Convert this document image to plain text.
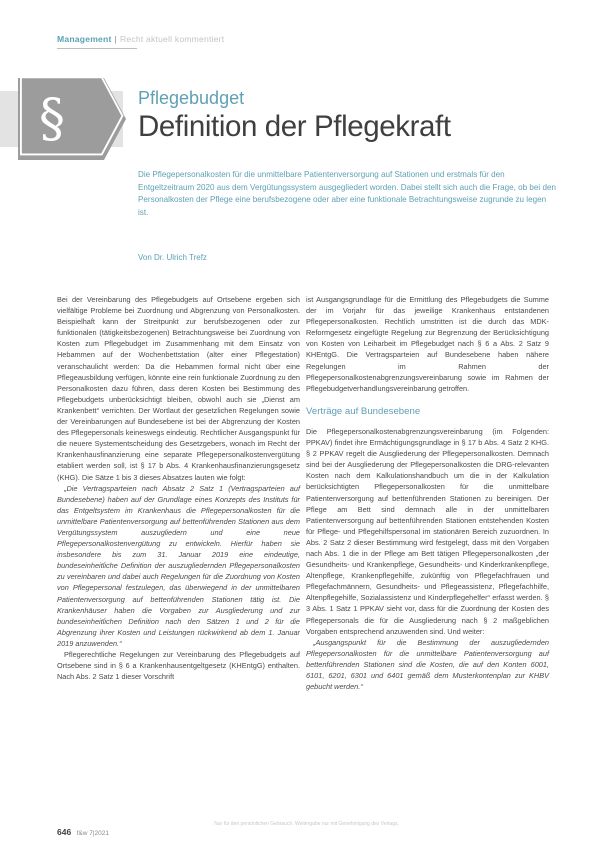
Management | Recht aktuell kommentiert
§	Pflegebudget
Definition der Pflegekraft

Die Pflegepersonalkosten für die unmittelbare Patientenversorgung auf Stationen und erstmals für den Entgeltzeitraum 2020 aus dem Vergütungssystem ausgegliedert worden. Dabei stellt sich auch die Frage, ob bei den Personalkosten der Pflege eine berufsbezogene oder aber eine funktionale Betrachtungsweise zugrunde zu legen ist.

Von Dr. Ulrich Trefz

Bei der Vereinbarung des Pflegebudgets auf Ortsebene ergeben sich vielfältige Probleme bei Zuordnung und Abgrenzung von Personalkosten. Beispielhaft kann der Streitpunkt zur berufsbezogenen oder zur funktionalen (tätigkeitsbezogenen) Betrachtungsweise bei Zuordnung von Kosten zum Pflegebudget im Zusammenhang mit dem Einsatz von Hebammen auf der Wochenbettstation (alter einer Pflegestation) veranschaulicht werden: Da die Hebammen formal nicht über eine Pflegeausbildung verfügen, könnte eine rein funktionale Zuordnung zu den Personalkosten dazu führen, dass deren Kosten bei Bestimmung des Pflegebudgets unberücksichtigt bleiben, obwohl auch sie „Dienst am Krankenbett“ verrichten. Der Wortlaut der gesetzlichen Regelungen sowie der Vereinbarungen auf Bundesebene ist bei der Abgrenzung der Kosten des Pflegepersonals keineswegs eindeutig. Rechtlicher Ausgangspunkt für die neuere Systementscheidung des Gesetzgebers, wonach im Recht der Krankenhausfinanzierung eine separate Pflegepersonalkostenvergütung etabliert werden soll, ist § 17 b Abs. 4 Krankenhausfinanzierungsgesetz (KHG). Die Sätze 1 bis 3 dieses Absatzes lauten wie folgt:

„Die Vertragsparteien nach Absatz 2 Satz 1 (Vertragsparteien auf Bundesebene) haben auf der Grundlage eines Konzepts des Instituts für das Entgeltsystem im Krankenhaus die Pflegepersonalkosten für die unmittelbare Patientenversorgung auf bettenführenden Stationen aus dem Vergütungssystem auszugliedern und eine neue Pflegepersonalkostenvergütung zu entwickeln. Hierfür haben sie insbesondere bis zum 31. Januar 2019 eine eindeutige, bundeseinheitliche Definition der auszugliedernden Pflegepersonalkosten zu vereinbaren und dabei auch Regelungen für die Zuordnung von Kosten von Pflegepersonal festzulegen, das überwiegend in der unmittelbaren Patientenversorgung auf bettenführenden Stationen tätig ist. Die Krankenhäuser haben die Vorgaben zur Ausgliederung und zur bundeseinheitlichen Definition nach den Sätzen 1 und 2 für die Abgrenzung ihrer Kosten und Leistungen rückwirkend ab dem 1. Januar 2019 anzuwenden.“

Pflegerechtliche Regelungen zur Vereinbarung des Pflegebudgets auf Ortsebene sind in § 6 a Krankenhausentgeltgesetz (KHEntgG) enthalten. Nach Abs. 2 Satz 1 dieser Vorschrift

ist Ausgangsgrundlage für die Ermittlung des Pflegebudgets die Summe der im Vorjahr für das jeweilige Krankenhaus entstandenen Pflegepersonalkosten. Rechtlich umstritten ist die durch das MDK-Reformgesetz eingefügte Regelung zur Begrenzung der Berücksichtigung von Kosten von Leiharbeit im Pflegebudget nach § 6 a Abs. 2 Satz 9 KHEntgG. Die Vertragsparteien auf Bundesebene haben nähere Regelungen im Rahmen der Pflegepersonalkostenabgrenzungsvereinbarung sowie im Rahmen der Pflegebudgetverhandlungsvereinbarung getroffen.

Verträge auf Bundesebene

Die Pflegepersonalkostenabgrenzungsvereinbarung (im Folgenden: PPKAV) findet ihre Ermächtigungsgrundlage in § 17 b Abs. 4 Satz 2 KHG. § 2 PPKAV regelt die Ausgliederung der Pflegepersonalkosten. Demnach sind bei der Ausgliederung der Pflegepersonalkosten die DRG-relevanten Kosten nach dem Kalkulationshandbuch um die in der Kalkulation berücksichtigten Pflegepersonalkosten für die unmittelbare Patientenversorgung auf bettenführenden Stationen zu bereinigen. Der Pflege am Bett sind demnach alle in der unmittelbaren Patientenversorgung auf bettenführenden Stationen entstehenden Kosten für Pflege- und Pflegehilfspersonal im stationären Bereich zuzuordnen. In Abs. 2 Satz 2 dieser Bestimmung wird festgelegt, dass mit den Vorgaben nach Abs. 1 die in der Pflege am Bett tätigen Pflegepersonalkosten „der Gesundheits- und Krankenpflege, Gesundheits- und Kinderkrankenpflege, Altenpflege, Krankenpflegehilfe, zukünftig von Pflegefachfrauen und Pflegefachmännern, Gesundheits- und Pflegeassistenz, Pflegefachhilfe, Altenpflegehilfe, Sozialassistenz und Kinderpflegehelfer“ erfasst werden. § 3 Abs. 1 Satz 1 PPKAV sieht vor, dass für die Zuordnung der Kosten des Pflegepersonals die für die Ausgliederung nach § 2 maßgeblichen Vorgaben entsprechend anzuwenden sind. Und weiter:

„Ausgangspunkt für die Bestimmung der auszugliedernden Pflegepersonalkosten für die unmittelbare Patientenversorgung auf bettenführenden Stationen sind die Kosten, die auf den Konten 6001, 6101, 6201, 6301 und 6401 gemäß dem Musterkontenplan zur KHBV gebucht werden.“

Nur für den persönlichen Gebrauch. Weitergabe nur mit Genehmigung des Verlags.
646 f&w 7|2021
